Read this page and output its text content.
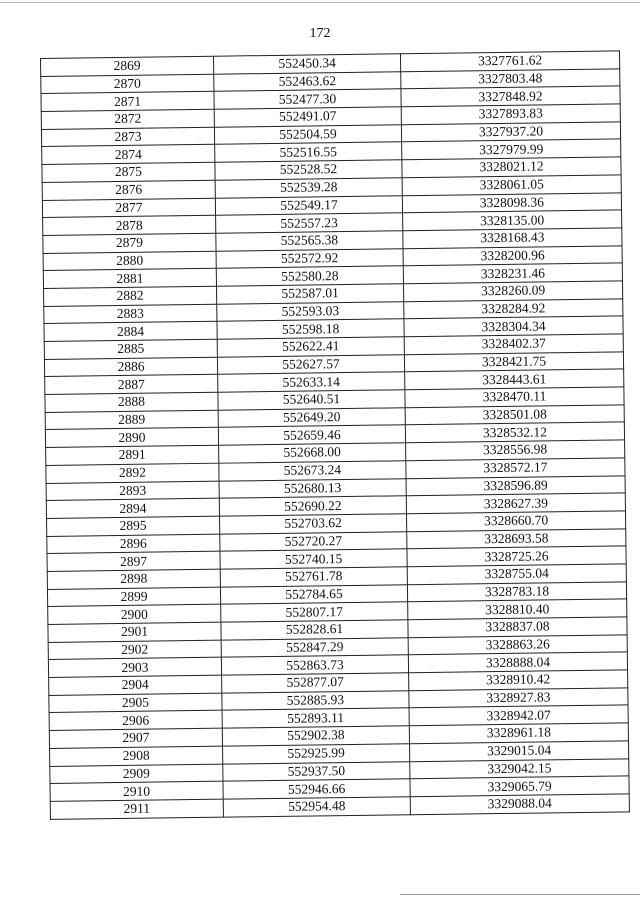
172
2869	552450.34	3327761.62
2870	552463.62	3327803.48
2871	552477.30	3327848.92
2872	552491.07	3327893.83
2873	552504.59	3327937.20
2874	552516.55	3327979.99
2875	552528.52	3328021.12
2876	552539.28	3328061.05
2877	552549.17	3328098.36
2878	552557.23	3328135.00
2879	552565.38	3328168.43
2880	552572.92	3328200.96
2881	552580.28	3328231.46
2882	552587.01	3328260.09
2883	552593.03	3328284.92
2884	552598.18	3328304.34
2885	552622.41	3328402.37
2886	552627.57	3328421.75
2887	552633.14	3328443.61
2888	552640.51	3328470.11
2889	552649.20	3328501.08
2890	552659.46	3328532.12
2891	552668.00	3328556.98
2892	552673.24	3328572.17
2893	552680.13	3328596.89
2894	552690.22	3328627.39
2895	552703.62	3328660.70
2896	552720.27	3328693.58
2897	552740.15	3328725.26
2898	552761.78	3328755.04
2899	552784.65	3328783.18
2900	552807.17	3328810.40
2901	552828.61	3328837.08
2902	552847.29	3328863.26
2903	552863.73	3328888.04
2904	552877.07	3328910.42
2905	552885.93	3328927.83
2906	552893.11	3328942.07
2907	552902.38	3328961.18
2908	552925.99	3329015.04
2909	552937.50	3329042.15
2910	552946.66	3329065.79
2911	552954.48	3329088.04
